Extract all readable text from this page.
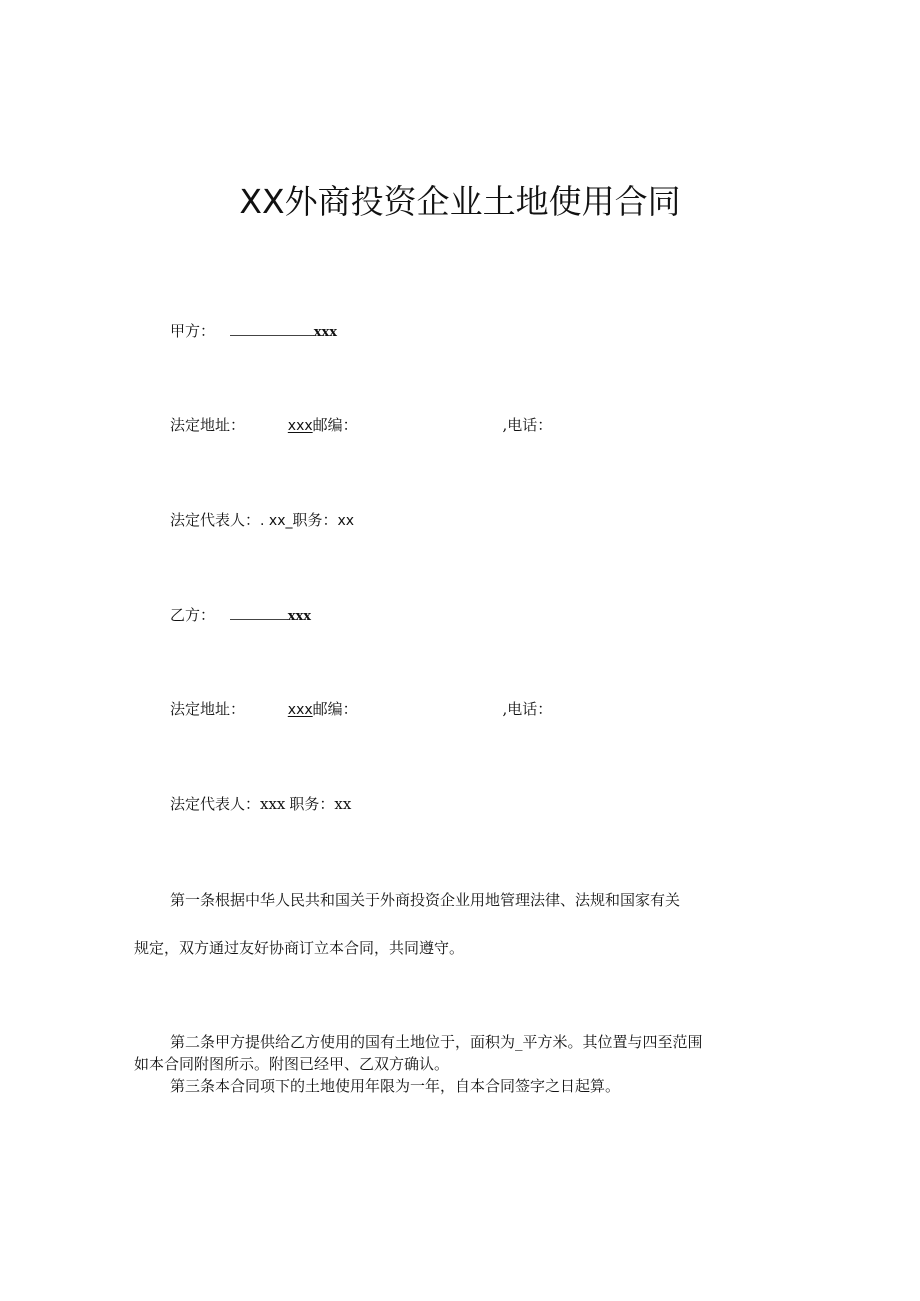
XX外商投资企业土地使用合同
甲方：	xxx
法定地址：	xxx邮编：	,电话：
法定代表人：. xx_职务：xx
乙方：	xxx
法定地址：	xxx邮编：	,电话：
法定代表人：xxx 职务：xx
第一条根据中华人民共和国关于外商投资企业用地管理法律、法规和国家有关
规定，双方通过友好协商订立本合同，共同遵守。
第二条甲方提供给乙方使用的国有土地位于，面积为_平方米。其位置与四至范围
如本合同附图所示。附图已经甲、乙双方确认。
第三条本合同项下的土地使用年限为一年，自本合同签字之日起算。
